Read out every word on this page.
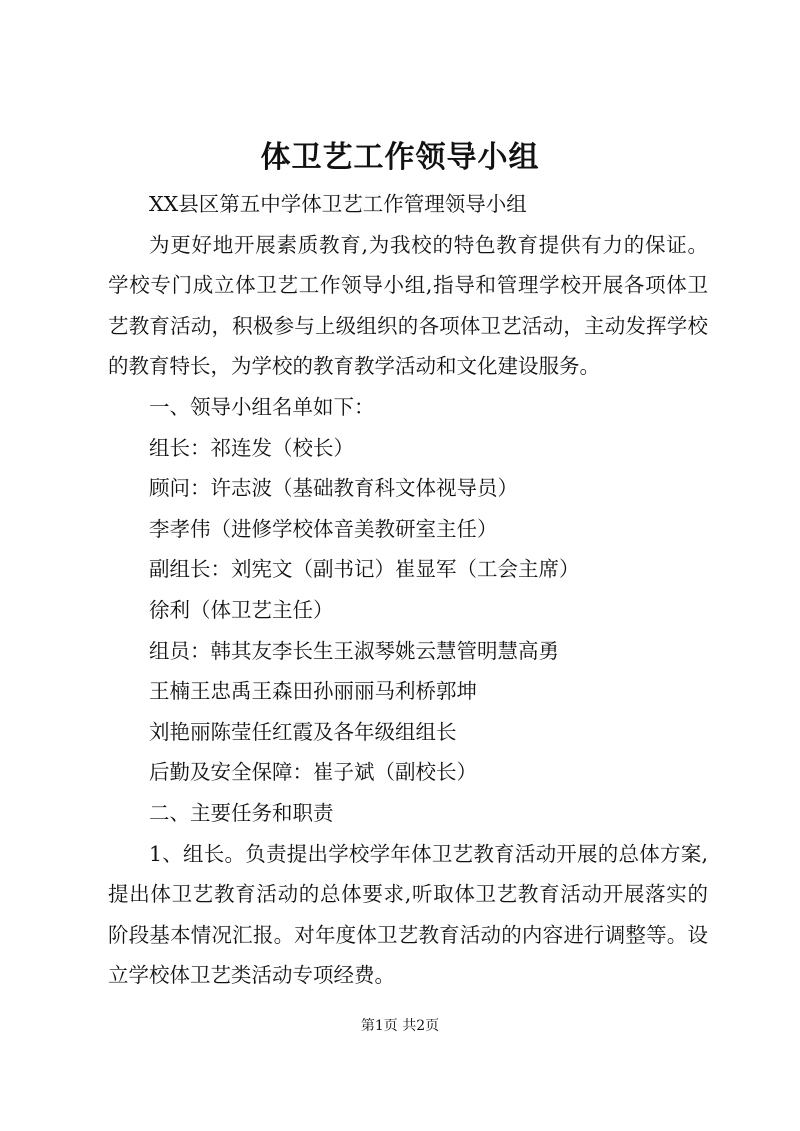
体卫艺工作领导小组

XX县区第五中学体卫艺工作管理领导小组

为更好地开展素质教育,为我校的特色教育提供有力的保证。学校专门成立体卫艺工作领导小组,指导和管理学校开展各项体卫艺教育活动，积极参与上级组织的各项体卫艺活动，主动发挥学校的教育特长，为学校的教育教学活动和文化建设服务。

一、领导小组名单如下：

组长：祁连发（校长）

顾问：许志波（基础教育科文体视导员）

李孝伟（进修学校体音美教研室主任）

副组长：刘宪文（副书记）崔显军（工会主席）

徐利（体卫艺主任）

组员：韩其友李长生王淑琴姚云慧管明慧高勇

王楠王忠禹王森田孙丽丽马利桥郭坤

刘艳丽陈莹任红霞及各年级组组长

后勤及安全保障：崔子斌（副校长）

二、主要任务和职责

1、组长。负责提出学校学年体卫艺教育活动开展的总体方案,提出体卫艺教育活动的总体要求,听取体卫艺教育活动开展落实的阶段基本情况汇报。对年度体卫艺教育活动的内容进行调整等。设立学校体卫艺类活动专项经费。

第1页 共2页
